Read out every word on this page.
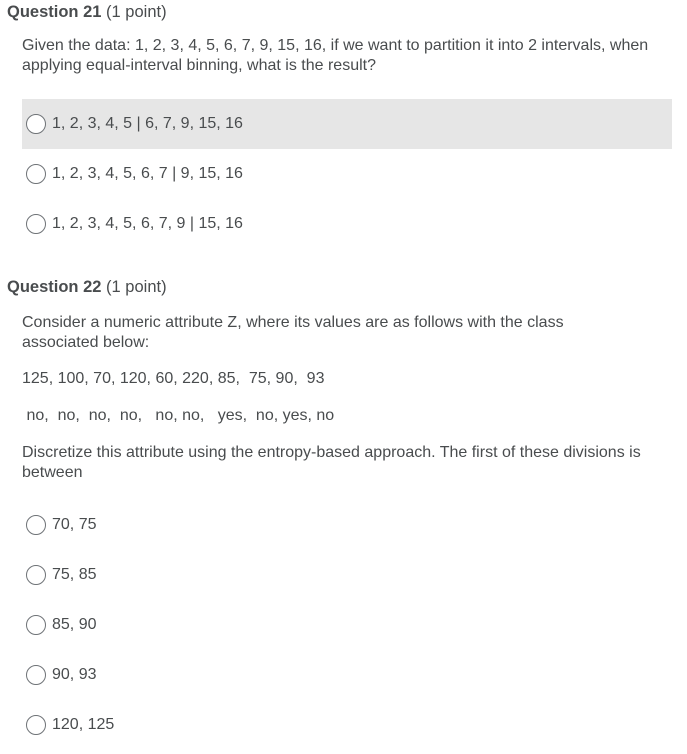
Question 21 (1 point)

Given the data: 1, 2, 3, 4, 5, 6, 7, 9, 15, 16, if we want to partition it into 2 intervals, when applying equal-interval binning, what is the result?

1, 2, 3, 4, 5 | 6, 7, 9, 15, 16
1, 2, 3, 4, 5, 6, 7 | 9, 15, 16
1, 2, 3, 4, 5, 6, 7, 9 | 15, 16
Question 22 (1 point)

Consider a numeric attribute Z, where its values are as follows with the class associated below:

125, 100, 70, 120, 60, 220, 85,  75, 90,  93

no,  no,  no,  no,   no, no,   yes,  no, yes, no

Discretize this attribute using the entropy-based approach. The first of these divisions is between

70, 75
75, 85
85, 90
90, 93
120, 125
